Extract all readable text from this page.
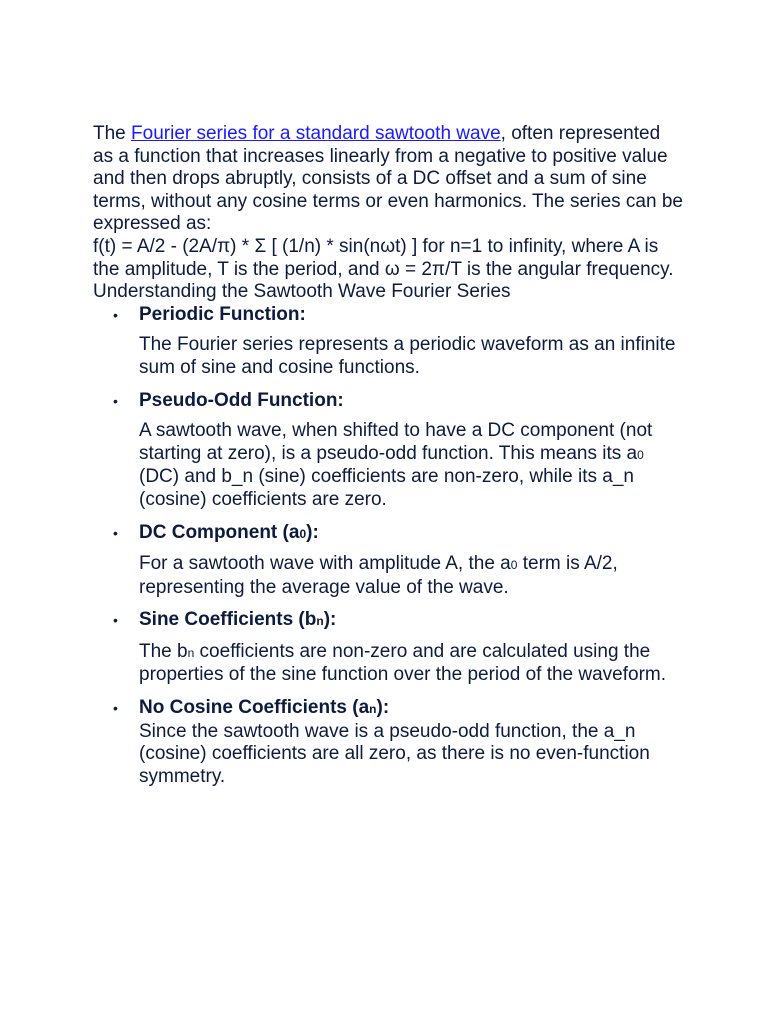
The Fourier series for a standard sawtooth wave, often represented as a function that increases linearly from a negative to positive value and then drops abruptly, consists of a DC offset and a sum of sine terms, without any cosine terms or even harmonics. The series can be expressed as:

f(t) = A/2 - (2A/π) * Σ [ (1/n) * sin(nωt) ] for n=1 to infinity, where A is the amplitude, T is the period, and ω = 2π/T is the angular frequency.

Understanding the Sawtooth Wave Fourier Series

• Periodic Function:

The Fourier series represents a periodic waveform as an infinite sum of sine and cosine functions.

• Pseudo-Odd Function:

A sawtooth wave, when shifted to have a DC component (not starting at zero), is a pseudo-odd function. This means its a0 (DC) and b_n (sine) coefficients are non-zero, while its a_n (cosine) coefficients are zero.

• DC Component (a0):

For a sawtooth wave with amplitude A, the a0 term is A/2, representing the average value of the wave.

• Sine Coefficients (bn):

The bn coefficients are non-zero and are calculated using the properties of the sine function over the period of the waveform.

• No Cosine Coefficients (an):

Since the sawtooth wave is a pseudo-odd function, the a_n (cosine) coefficients are all zero, as there is no even-function symmetry.
